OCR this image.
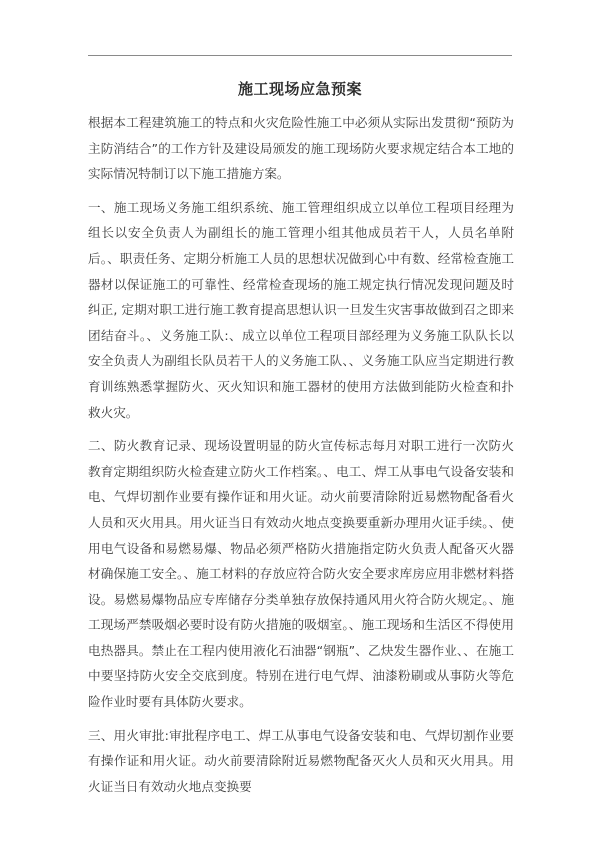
施工现场应急预案

根据本工程建筑施工的特点和火灾危险性施工中必须从实际出发贯彻“预防为主防消结合”的工作方针及建设局颁发的施工现场防火要求规定结合本工地的实际情况特制订以下施工措施方案。

一、施工现场义务施工组织系统、施工管理组织成立以单位工程项目经理为组长以安全负责人为副组长的施工管理小组其他成员若干人，人员名单附后。、职责任务、定期分析施工人员的思想状况做到心中有数、经常检查施工器材以保证施工的可靠性、经常检查现场的施工规定执行情况发现问题及时纠正, 定期对职工进行施工教育提高思想认识一旦发生灾害事故做到召之即来团结奋斗。、义务施工队:、成立以单位工程项目部经理为义务施工队队长以安全负责人为副组长队员若干人的义务施工队、、义务施工队应当定期进行教育训练熟悉掌握防火、灭火知识和施工器材的使用方法做到能防火检查和扑救火灾。

二、防火教育记录、现场设置明显的防火宣传标志每月对职工进行一次防火教育定期组织防火检查建立防火工作档案。、电工、焊工从事电气设备安装和电、气焊切割作业要有操作证和用火证。动火前要清除附近易燃物配备看火人员和灭火用具。用火证当日有效动火地点变换要重新办理用火证手续。、使用电气设备和易燃易爆、物品必须严格防火措施指定防火负责人配备灭火器材确保施工安全。、施工材料的存放应符合防火安全要求库房应用非燃材料搭设。易燃易爆物品应专库储存分类单独存放保持通风用火符合防火规定。、施工现场严禁吸烟必要时设有防火措施的吸烟室。、施工现场和生活区不得使用电热器具。禁止在工程内使用液化石油器“钢瓶”、乙炔发生器作业、、在施工中要坚持防火安全交底到度。特别在进行电气焊、油漆粉刷或从事防火等危险作业时要有具体防火要求。

三、用火审批:审批程序电工、焊工从事电气设备安装和电、气焊切割作业要有操作证和用火证。动火前要清除附近易燃物配备灭火人员和灭火用具。用火证当日有效动火地点变换要
